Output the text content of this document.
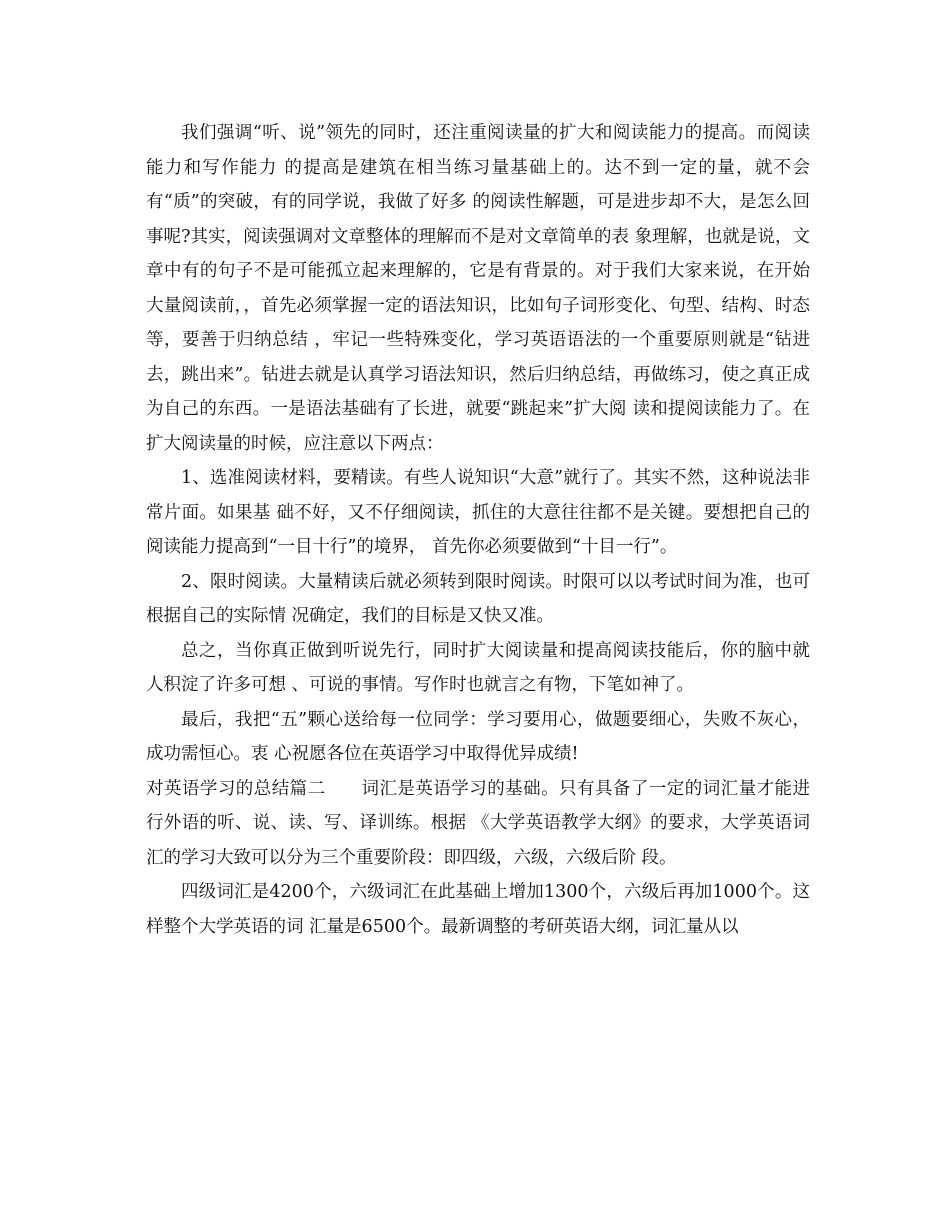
我们强调“听、说”领先的同时，还注重阅读量的扩大和阅读能力的提高。而阅读能力和写作能力 的提高是建筑在相当练习量基础上的。达不到一定的量，就不会有“质”的突破，有的同学说，我做了好多 的阅读性解题，可是进步却不大，是怎么回事呢?其实，阅读强调对文章整体的理解而不是对文章简单的表 象理解，也就是说，文章中有的句子不是可能孤立起来理解的，它是有背景的。对于我们大家来说，在开始 大量阅读前，，首先必须掌握一定的语法知识，比如句子词形变化、句型、结构、时态等，要善于归纳总结 ，牢记一些特殊变化，学习英语语法的一个重要原则就是“钻进去，跳出来”。钻进去就是认真学习语法知识，然后归纳总结，再做练习，使之真正成为自己的东西。一是语法基础有了长进，就要“跳起来”扩大阅 读和提阅读能力了。在扩大阅读量的时候，应注意以下两点：

1、选准阅读材料，要精读。有些人说知识“大意”就行了。其实不然，这种说法非常片面。如果基 础不好，又不仔细阅读，抓住的大意往往都不是关键。要想把自己的阅读能力提高到“一目十行”的境界， 首先你必须要做到“十目一行”。

2、限时阅读。大量精读后就必须转到限时阅读。时限可以以考试时间为准，也可根据自己的实际情 况确定，我们的目标是又快又准。

总之，当你真正做到听说先行，同时扩大阅读量和提高阅读技能后，你的脑中就人积淀了许多可想 、可说的事情。写作时也就言之有物，下笔如神了。

最后，我把“五”颗心送给每一位同学：学习要用心，做题要细心，失败不灰心，成功需恒心。衷 心祝愿各位在英语学习中取得优异成绩!

对英语学习的总结篇二　　词汇是英语学习的基础。只有具备了一定的词汇量才能进行外语的听、说、读、写、译训练。根据 《大学英语教学大纲》的要求，大学英语词汇的学习大致可以分为三个重要阶段：即四级，六级，六级后阶 段。

四级词汇是4200个，六级词汇在此基础上增加1300个，六级后再加1000个。这样整个大学英语的词 汇量是6500个。最新调整的考研英语大纲，词汇量从以
